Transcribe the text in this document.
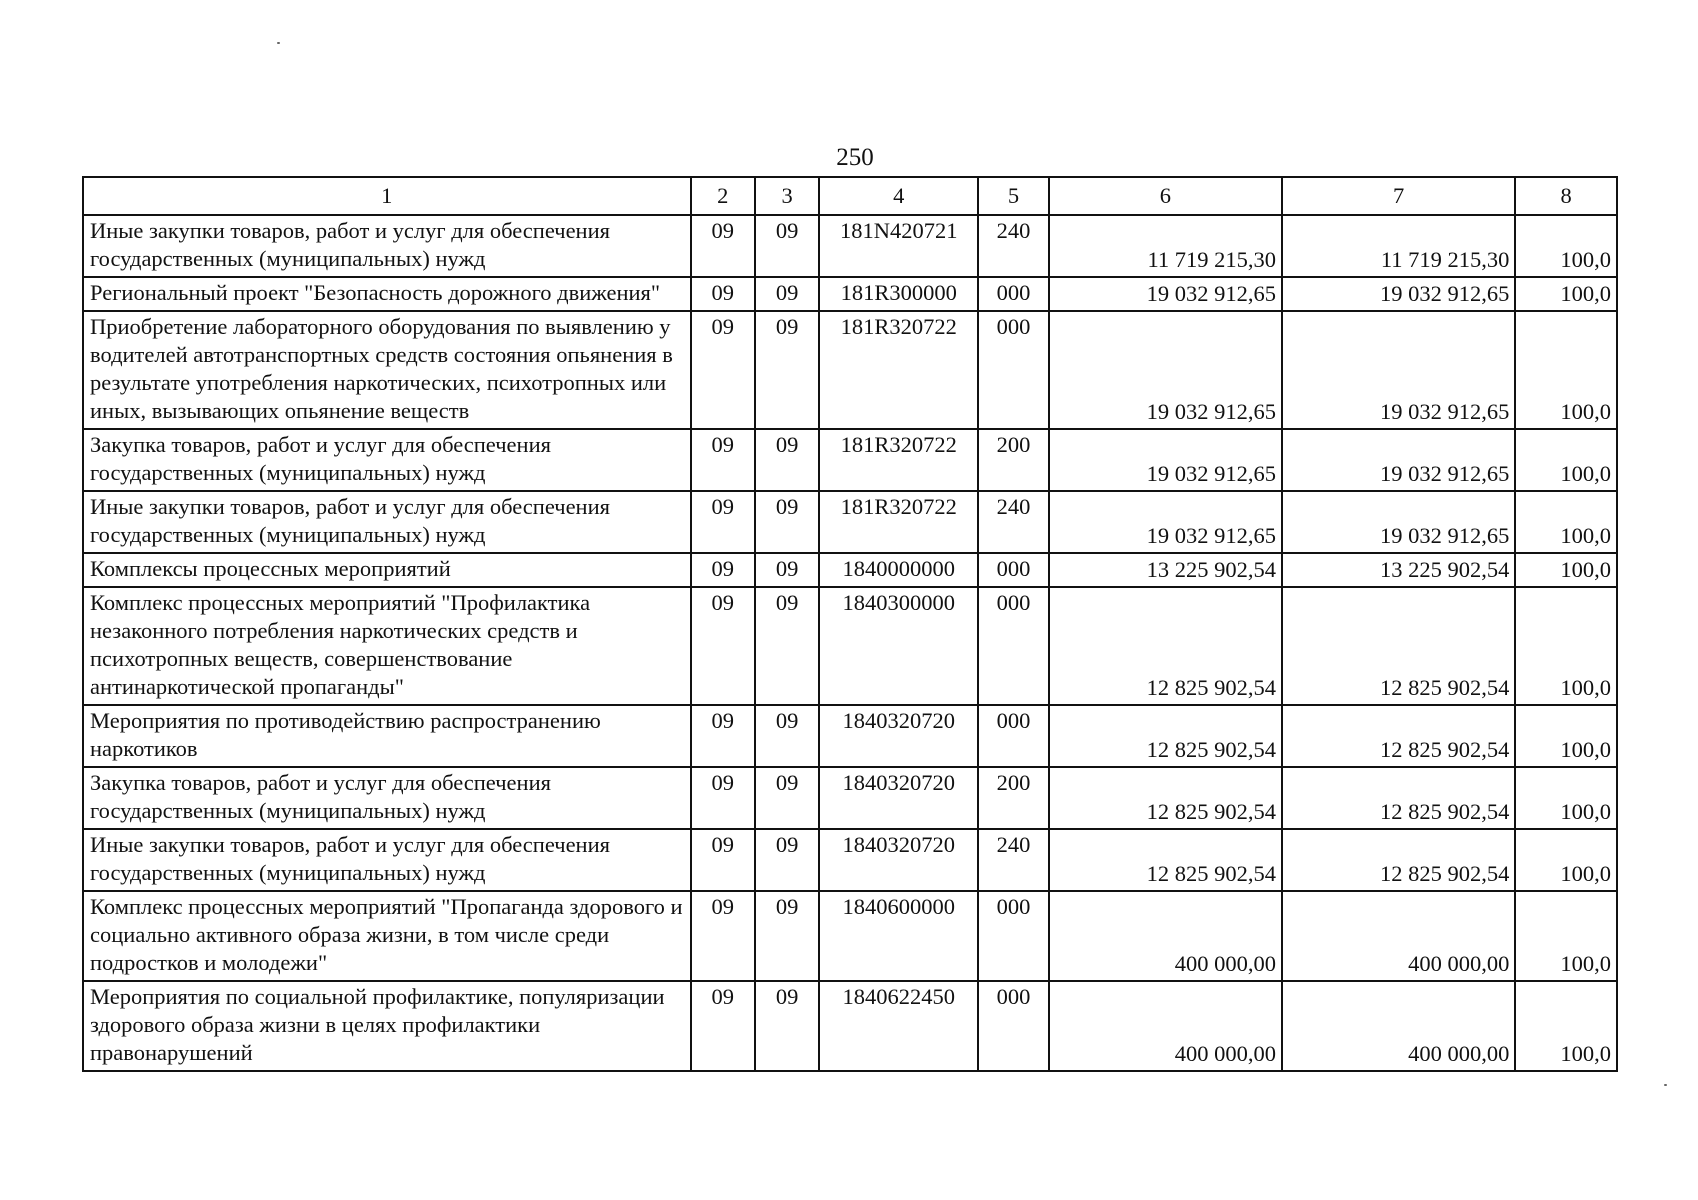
250
1	2	3	4	5	6	7	8
Иные закупки товаров, работ и услуг для обеспечения государственных (муниципальных) нужд	09	09	181N420721	240	11 719 215,30	11 719 215,30	100,0
Региональный проект "Безопасность дорожного движения"	09	09	181R300000	000	19 032 912,65	19 032 912,65	100,0
Приобретение лабораторного оборудования по выявлению у водителей автотранспортных средств состояния опьянения в результате употребления наркотических, психотропных или иных, вызывающих опьянение веществ	09	09	181R320722	000	19 032 912,65	19 032 912,65	100,0
Закупка товаров, работ и услуг для обеспечения государственных (муниципальных) нужд	09	09	181R320722	200	19 032 912,65	19 032 912,65	100,0
Иные закупки товаров, работ и услуг для обеспечения государственных (муниципальных) нужд	09	09	181R320722	240	19 032 912,65	19 032 912,65	100,0
Комплексы процессных мероприятий	09	09	1840000000	000	13 225 902,54	13 225 902,54	100,0
Комплекс процессных мероприятий "Профилактика незаконного потребления наркотических средств и психотропных веществ, совершенствование антинаркотической пропаганды"	09	09	1840300000	000	12 825 902,54	12 825 902,54	100,0
Мероприятия по противодействию распространению наркотиков	09	09	1840320720	000	12 825 902,54	12 825 902,54	100,0
Закупка товаров, работ и услуг для обеспечения государственных (муниципальных) нужд	09	09	1840320720	200	12 825 902,54	12 825 902,54	100,0
Иные закупки товаров, работ и услуг для обеспечения государственных (муниципальных) нужд	09	09	1840320720	240	12 825 902,54	12 825 902,54	100,0
Комплекс процессных мероприятий "Пропаганда здорового и социально активного образа жизни, в том числе среди подростков и молодежи"	09	09	1840600000	000	400 000,00	400 000,00	100,0
Мероприятия по социальной профилактике, популяризации здорового образа жизни в целях профилактики правонарушений	09	09	1840622450	000	400 000,00	400 000,00	100,0
